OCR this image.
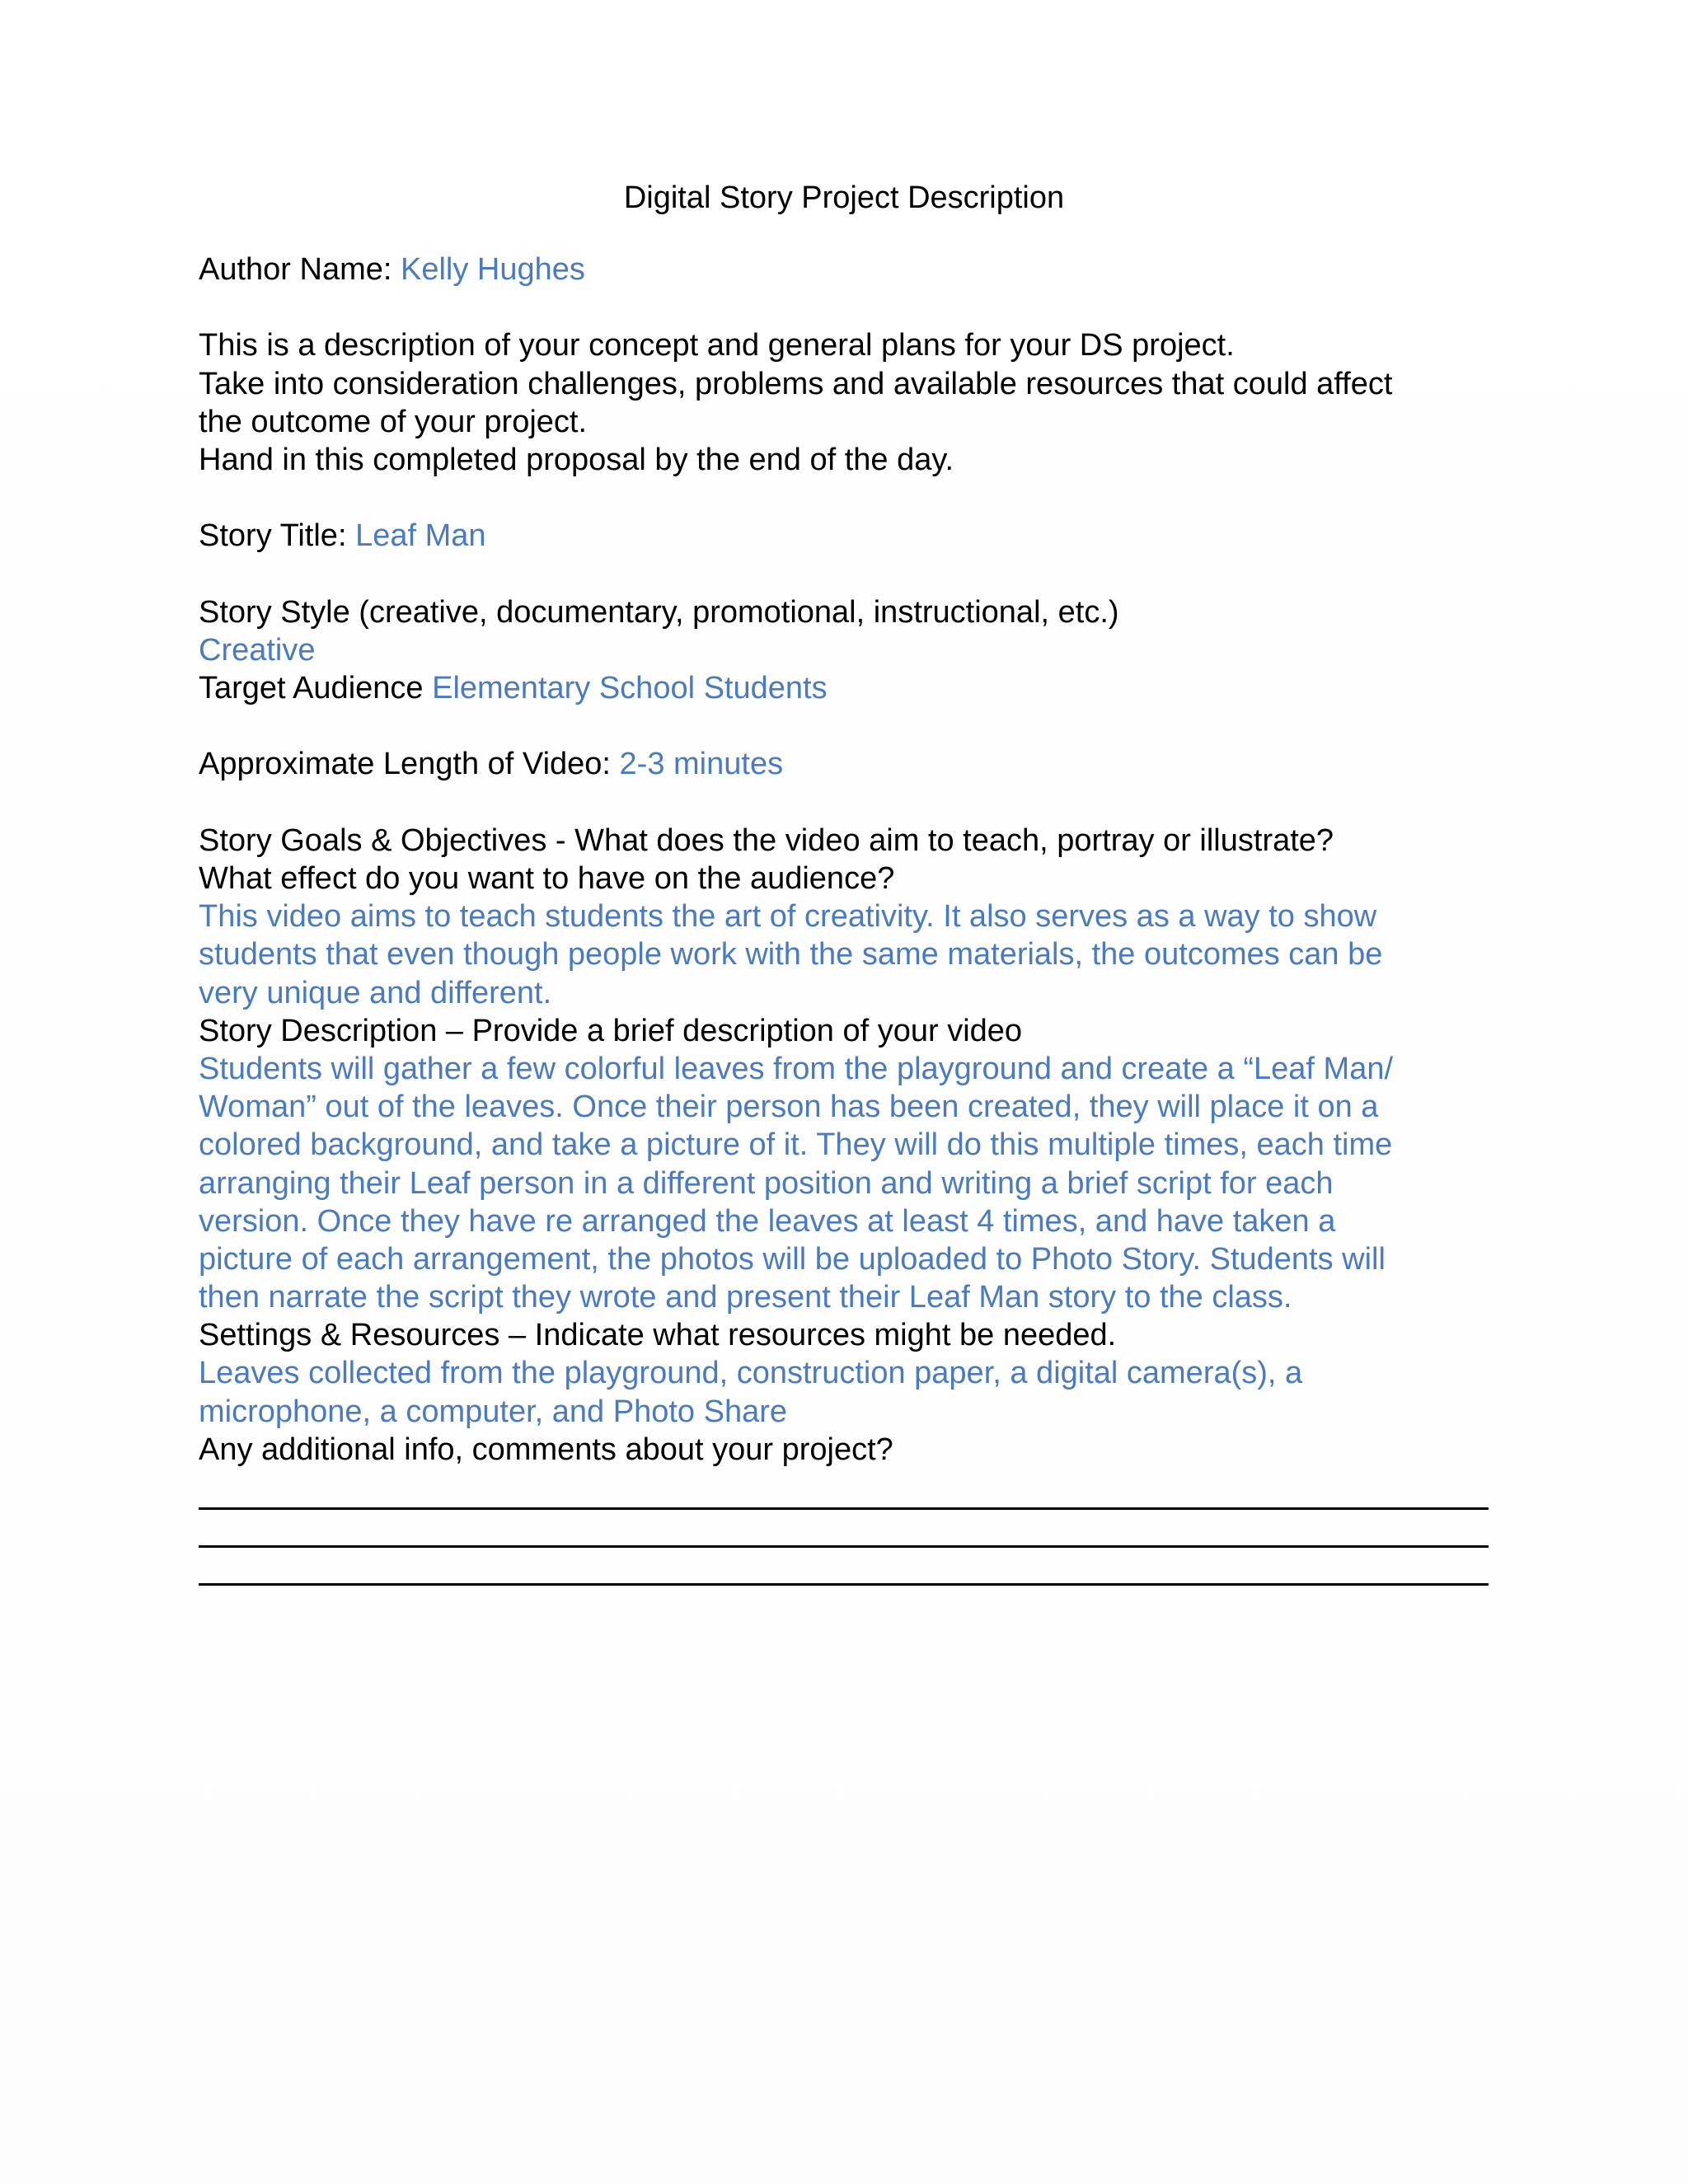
Digital Story Project Description
Author Name: Kelly Hughes
This is a description of your concept and general plans for your DS project.
Take into consideration challenges, problems and available resources that could affect
the outcome of your project.
Hand in this completed proposal by the end of the day.
Story Title: Leaf Man
Story Style (creative, documentary, promotional, instructional, etc.)
Creative
Target Audience Elementary School Students
Approximate Length of Video: 2-3 minutes
Story Goals & Objectives - What does the video aim to teach, portray or illustrate?
What effect do you want to have on the audience?
This video aims to teach students the art of creativity. It also serves as a way to show
students that even though people work with the same materials, the outcomes can be
very unique and different.
Story Description – Provide a brief description of your video
Students will gather a few colorful leaves from the playground and create a “Leaf Man/
Woman” out of the leaves. Once their person has been created, they will place it on a
colored background, and take a picture of it. They will do this multiple times, each time
arranging their Leaf person in a different position and writing a brief script for each
version. Once they have re arranged the leaves at least 4 times, and have taken a
picture of each arrangement, the photos will be uploaded to Photo Story. Students will
then narrate the script they wrote and present their Leaf Man story to the class.
Settings & Resources – Indicate what resources might be needed.
Leaves collected from the playground, construction paper, a digital camera(s), a
microphone, a computer, and Photo Share
Any additional info, comments about your project?
